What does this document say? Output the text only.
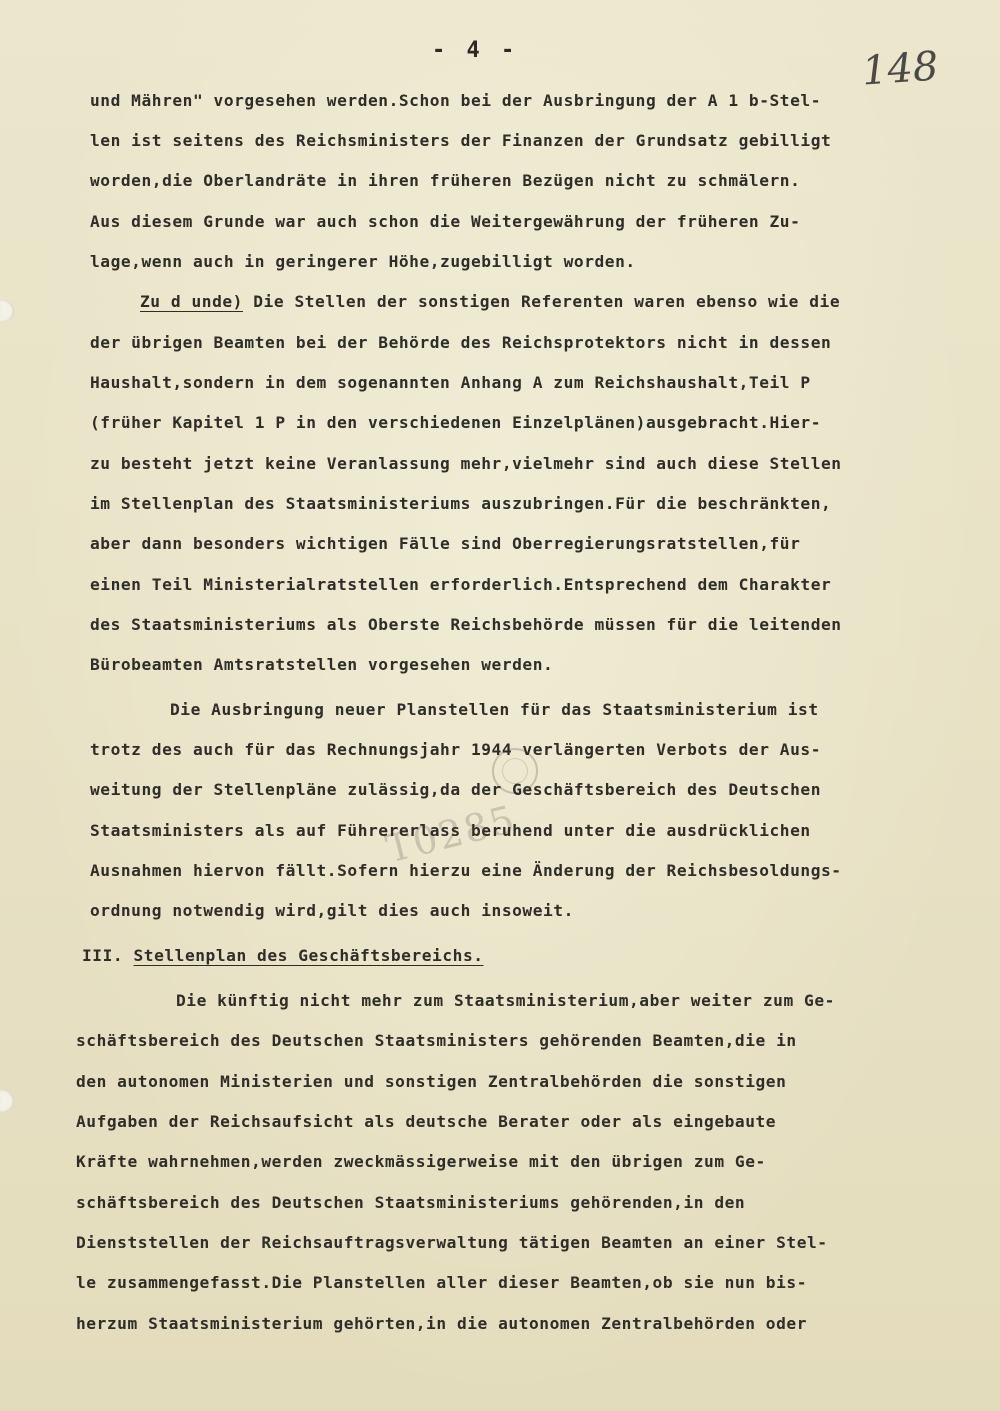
- 4 -	148
T0285
und Mähren" vorgesehen werden.Schon bei der Ausbringung der A 1 b-Stel-
len ist seitens des Reichsministers der Finanzen der Grundsatz gebilligt
worden,die Oberlandräte in ihren früheren Bezügen nicht zu schmälern.
Aus diesem Grunde war auch schon die Weitergewährung der früheren Zu-
lage,wenn auch in geringerer Höhe,zugebilligt worden.
Zu d unde) Die Stellen der sonstigen Referenten waren ebenso wie die
der übrigen Beamten bei der Behörde des Reichsprotektors nicht in dessen
Haushalt,sondern in dem sogenannten Anhang A zum Reichshaushalt,Teil P
(früher Kapitel 1 P in den verschiedenen Einzelplänen)ausgebracht.Hier-
zu besteht jetzt keine Veranlassung mehr,vielmehr sind auch diese Stellen
im Stellenplan des Staatsministeriums auszubringen.Für die beschränkten,
aber dann besonders wichtigen Fälle sind Oberregierungsratstellen,für
einen Teil Ministerialratstellen erforderlich.Entsprechend dem Charakter
des Staatsministeriums als Oberste Reichsbehörde müssen für die leitenden
Bürobeamten Amtsratstellen vorgesehen werden.
Die Ausbringung neuer Planstellen für das Staatsministerium ist
trotz des auch für das Rechnungsjahr 1944 verlängerten Verbots der Aus-
weitung der Stellenpläne zulässig,da der Geschäftsbereich des Deutschen
Staatsministers als auf Führererlass beruhend unter die ausdrücklichen
Ausnahmen hiervon fällt.Sofern hierzu eine Änderung der Reichsbesoldungs-
ordnung notwendig wird,gilt dies auch insoweit.
III. Stellenplan des Geschäftsbereichs.
Die künftig nicht mehr zum Staatsministerium,aber weiter zum Ge-
schäftsbereich des Deutschen Staatsministers gehörenden Beamten,die in
den autonomen Ministerien und sonstigen Zentralbehörden die sonstigen
Aufgaben der Reichsaufsicht als deutsche Berater oder als eingebaute
Kräfte wahrnehmen,werden zweckmässigerweise mit den übrigen zum Ge-
schäftsbereich des Deutschen Staatsministeriums gehörenden,in den
Dienststellen der Reichsauftragsverwaltung tätigen Beamten an einer Stel-
le zusammengefasst.Die Planstellen aller dieser Beamten,ob sie nun bis-
herzum Staatsministerium gehörten,in die autonomen Zentralbehörden oder
